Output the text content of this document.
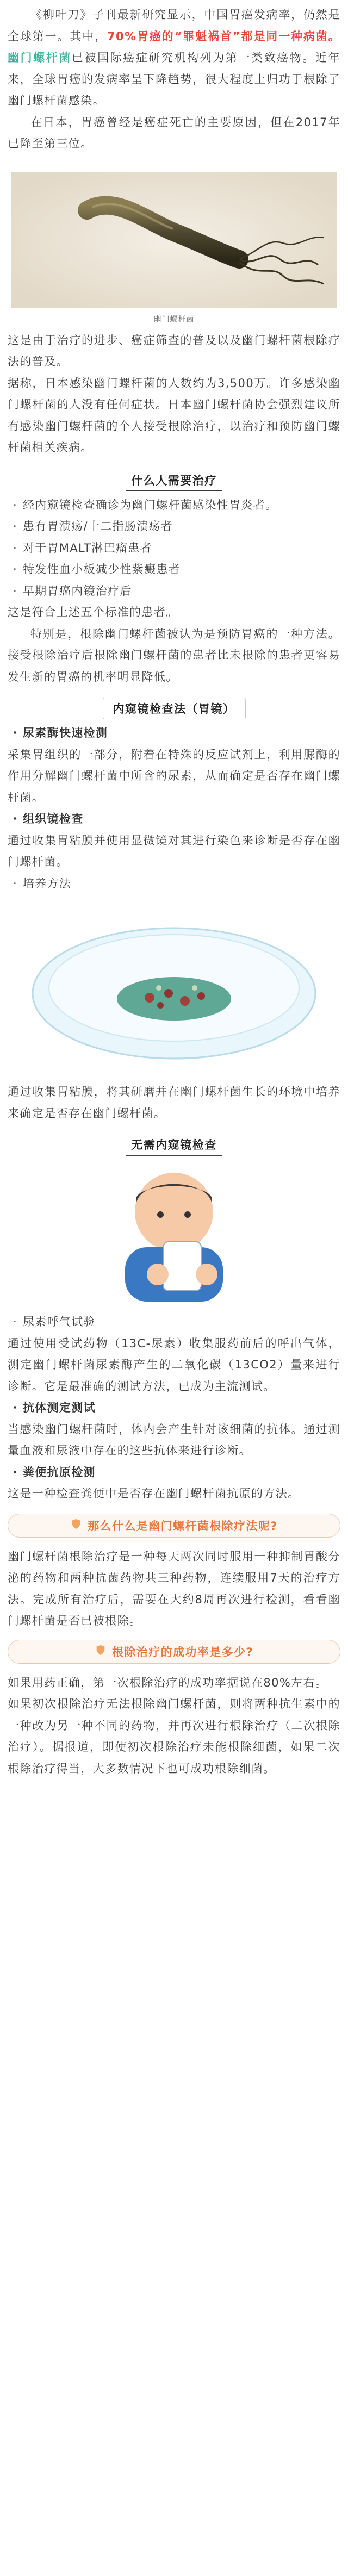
《柳叶刀》子刊最新研究显示，中国胃癌发病率，仍然是全球第一。其中，70%胃癌的“罪魁祸首”都是同一种病菌。幽门螺杆菌已被国际癌症研究机构列为第一类致癌物。近年来，全球胃癌的发病率呈下降趋势，很大程度上归功于根除了幽门螺杆菌感染。

在日本，胃癌曾经是癌症死亡的主要原因，但在2017年已降至第三位。

幽门螺杆菌

这是由于治疗的进步、癌症筛查的普及以及幽门螺杆菌根除疗法的普及。

据称，日本感染幽门螺杆菌的人数约为3,500万。许多感染幽门螺杆菌的人没有任何症状。日本幽门螺杆菌协会强烈建议所有感染幽门螺杆菌的个人接受根除治疗，以治疗和预防幽门螺杆菌相关疾病。

什么人需要治疗

· 经内窥镜检查确诊为幽门螺杆菌感染性胃炎者。

· 患有胃溃疡/十二指肠溃疡者

· 对于胃MALT淋巴瘤患者

· 特发性血小板减少性紫癜患者

· 早期胃癌内镜治疗后

这是符合上述五个标准的患者。

特别是，根除幽门螺杆菌被认为是预防胃癌的一种方法。接受根除治疗后根除幽门螺杆菌的患者比未根除的患者更容易发生新的胃癌的机率明显降低。

内窥镜检查法（胃镜）

· 尿素酶快速检测

采集胃组织的一部分，附着在特殊的反应试剂上，利用脲酶的作用分解幽门螺杆菌中所含的尿素，从而确定是否存在幽门螺杆菌。

· 组织镜检查

通过收集胃粘膜并使用显微镜对其进行染色来诊断是否存在幽门螺杆菌。

· 培养方法

通过收集胃粘膜，将其研磨并在幽门螺杆菌生长的环境中培养来确定是否存在幽门螺杆菌。

无需内窥镜检查

· 尿素呼气试验

通过使用受试药物（13C-尿素）收集服药前后的呼出气体，测定幽门螺杆菌尿素酶产生的二氧化碳（13CO2）量来进行诊断。它是最准确的测试方法，已成为主流测试。

· 抗体测定测试

当感染幽门螺杆菌时，体内会产生针对该细菌的抗体。通过测量血液和尿液中存在的这些抗体来进行诊断。

· 粪便抗原检测

这是一种检查粪便中是否存在幽门螺杆菌抗原的方法。

那么什么是幽门螺杆菌根除疗法呢?

幽门螺杆菌根除治疗是一种每天两次同时服用一种抑制胃酸分泌的药物和两种抗菌药物共三种药物，连续服用7天的治疗方法。完成所有治疗后，需要在大约8周再次进行检测，看看幽门螺杆菌是否已被根除。

根除治疗的成功率是多少?

如果用药正确，第一次根除治疗的成功率据说在80%左右。

如果初次根除治疗无法根除幽门螺杆菌，则将两种抗生素中的一种改为另一种不同的药物，并再次进行根除治疗（二次根除治疗）。据报道，即使初次根除治疗未能根除细菌，如果二次根除治疗得当，大多数情况下也可成功根除细菌。
